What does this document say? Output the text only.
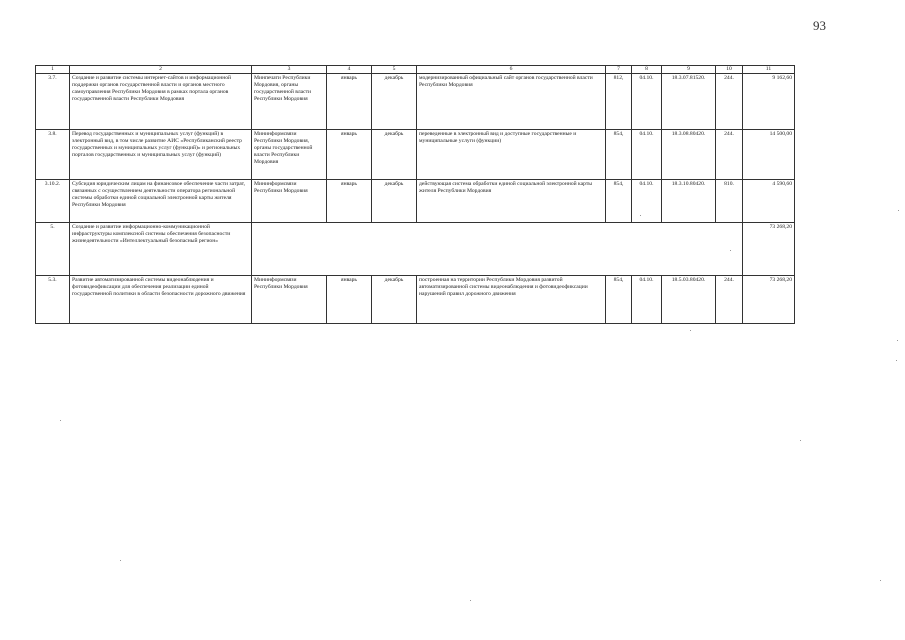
93
1	2	3	4	5	6	7	8	9	10	11
3.7.	Создание и развитие системы интернет-сайтов и информационной поддержки органов государственной власти и органов местного самоуправления Республики Мордовия в рамках портала органов государственной власти Республики Мордовия	Минпечати Республики Мордовия, органы государственной власти Республики Мордовия	январь	декабрь	модернизированный официальный сайт органов государственной власти Республики Мордовия	812,	04.10.	18.3.07.81520.	244.	9 162,60
3.8.	Перевод государственных и муниципальных услуг (функций) в электронный вид, в том числе развитие АИС «Республиканский реестр государственных и муниципальных услуг (функций)» и региональных порталов государственных и муниципальных услуг (функций)	Мининформсвязи Республики Мордовия, органы государственной власти Республики Мордовия	январь	декабрь	переведенные в электронный вид и доступные государственные и муниципальные услуги (функции)	854,	04.10.	18.3.08.80420.	244.	14 500,00
3.10.2.	Субсидия юридическим лицам на финансовое обеспечение части затрат, связанных с осуществлением деятельности оператора региональной системы обработки единой социальной электронной карты жителя Республики Мордовия	Мининформсвязи Республики Мордовия	январь	декабрь	действующая система обработки единой социальной электронной карты жителя Республики Мордовия	854,	04.10.	18.3.10.80420.	810.	4 590,60
5.	Создание и развитие информационно-коммуникационной инфраструктуры комплексной системы обеспечения безопасности жизнедеятельности «Интеллектуальный безопасный регион»									73 268,20
5.3.	Развитие автоматизированной системы видеонаблюдения и фотовидеофиксации для обеспечения реализации единой государственной политики в области безопасности дорожного движения	Мининформсвязи Республики Мордовия	январь	декабрь	построенная на территории Республики Мордовия развитой автоматизированной системы видеонаблюдения и фотовидеофиксации нарушений правил дорожного движения	854,	04.10.	18.5.03.80420.	244.	73 268,20
